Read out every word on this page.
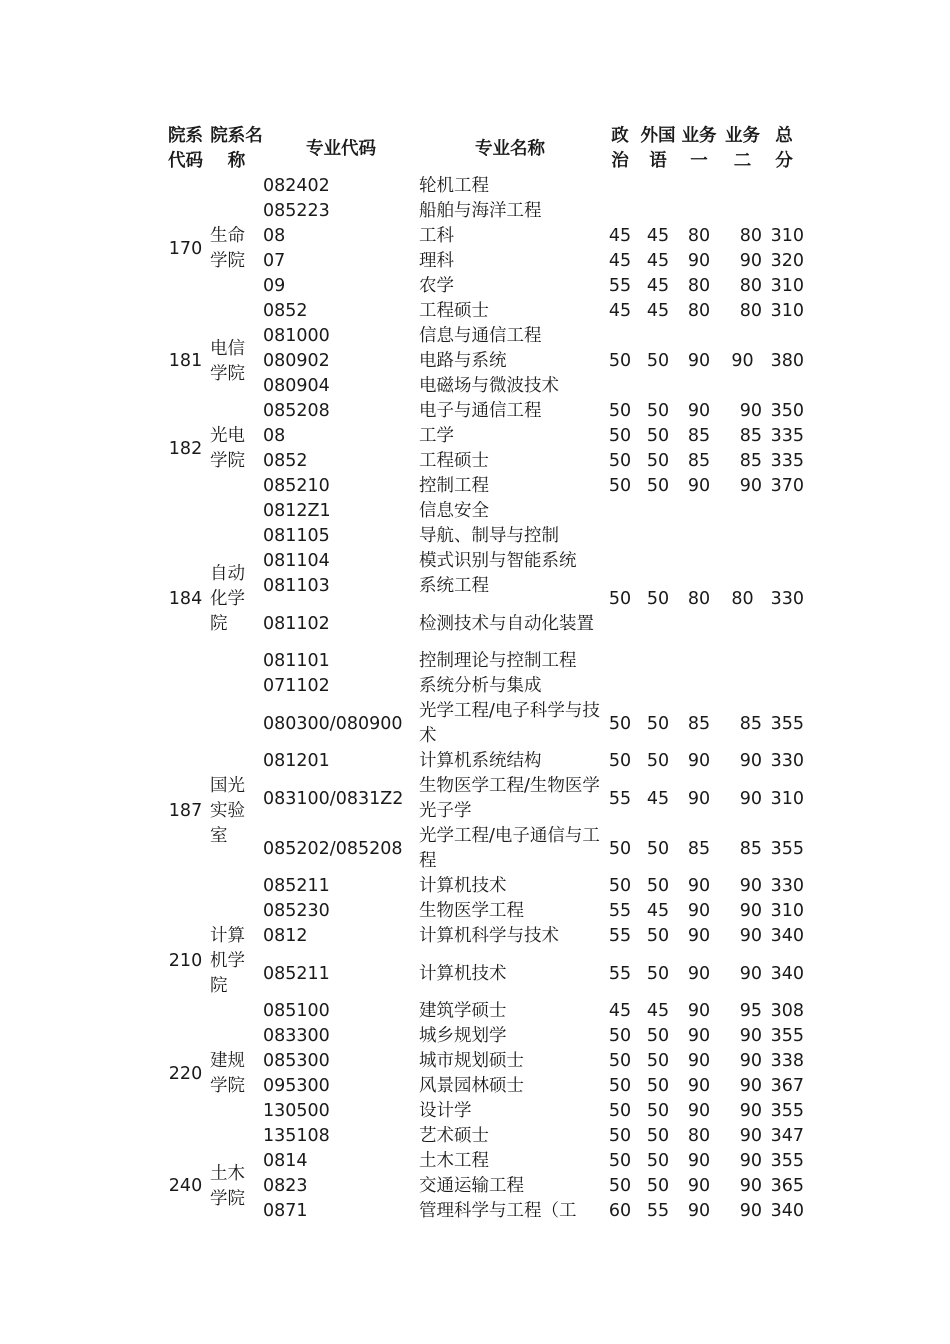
院系代码	院系名称	专业代码	专业名称	政治	外国语	业务一	业务二	总分
170	生命学院	082402	轮机工程					

		085223	船舶与海洋工程					

		08	工科	45	45	80	80	310
		07	理科	45	45	90	90	320
		09	农学	55	45	80	80	310
		0852	工程硕士	45	45	80	80	310
181	电信学院	081000	信息与通信工程	50	50	90	90	380
		080902	电路与系统					

		080904	电磁场与微波技术					

182	光电学院	085208	电子与通信工程	50	50	90	90	350
		08	工学	50	50	85	85	335
		0852	工程硕士	50	50	85	85	335
		085210	控制工程	50	50	90	90	370
184	自动化学院	0812Z1	信息安全	50	50	80	80	330
		081105	导航、制导与控制					

		081104	模式识别与智能系统					

		081103	系统工程					

		081102	检测技术与自动化装置					

		081101	控制理论与控制工程					

		071102	系统分析与集成					

187	国光实验室	080300/080900	光学工程/电子科学与技术	50	50	85	85	355
		081201	计算机系统结构	50	50	90	90	330
		083100/0831Z2	生物医学工程/生物医学光子学	55	45	90	90	310
		085202/085208	光学工程/电子通信与工程	50	50	85	85	355
		085211	计算机技术	50	50	90	90	330
		085230	生物医学工程	55	45	90	90	310
210	计算机学院	0812	计算机科学与技术	55	50	90	90	340
		085211	计算机技术	55	50	90	90	340
220	建规学院	085100	建筑学硕士	45	45	90	95	308
		083300	城乡规划学	50	50	90	90	355
		085300	城市规划硕士	50	50	90	90	338
		095300	风景园林硕士	50	50	90	90	367
		130500	设计学	50	50	90	90	355
		135108	艺术硕士	50	50	80	90	347
240	土木学院	0814	土木工程	50	50	90	90	355
		0823	交通运输工程	50	50	90	90	365
		0871	管理科学与工程（工	60	55	90	90	340
